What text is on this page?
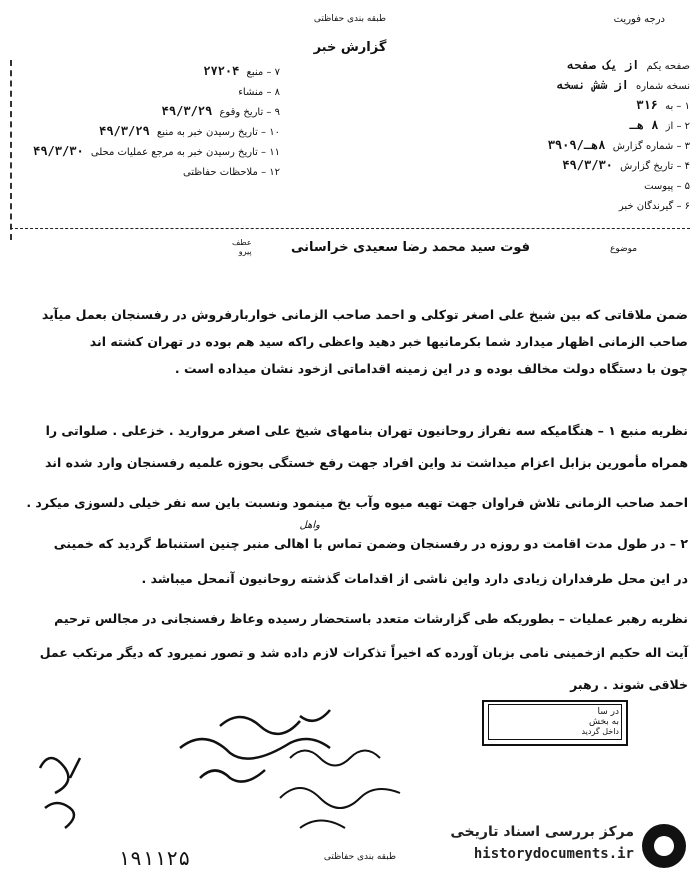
طبقه بندی حفاظتی
گزارش خبر
درجه فوریت
صفحه یکم از یک صفحه
نسخه شماره از شش نسخه
۱ – به ۳۱۶
۲ – از ۸ هـ
۳ – شماره گزارش ۸هـ/۳۹۰۹
۴ – تاریخ گزارش ۴۹/۳/۳۰
۵ – پیوست
۶ – گیرندگان خبر
۷ – منبع ۲۷۲۰۴
۸ – منشاء
۹ – تاریخ وقوع ۴۹/۳/۲۹
۱۰ – تاریخ رسیدن خبر به منبع ۴۹/۳/۲۹
۱۱ – تاریخ رسیدن خبر به مرجع عملیات محلی ۴۹/۳/۳۰
۱۲ – ملاحظات حفاظتی
موضوع
فوت سید محمد رضا سعیدی خراسانی
عطف
پیرو
ضمن ملاقاتی که بین شیخ علی اصغر توکلی و احمد صاحب الزمانی خواربارفروش در رفسنجان بعمل میآید
صاحب الزمانی اظهار میدارد شما بکرمانیها خبر دهید واعظی راکه سید هم بوده در تهران کشته اند
چون با دستگاه دولت مخالف بوده و در این زمینه اقداماتی ازخود نشان میداده است .
نظریه منبع ۱ – هنگامیکه سه نفراز روحانیون تهران بنامهای شیخ علی اصغر مروارید . خزعلی . صلواتی را
همراه مأمورین بزابل اعزام میداشت ند واین افراد جهت رفع خستگی بحوزه علمیه رفسنجان وارد شده اند
احمد صاحب الزمانی تلاش فراوان جهت تهیه میوه وآب یخ مینمود ونسبت باین سه نفر خیلی دلسوزی میکرد .
واهل
۲ – در طول مدت اقامت دو روزه در رفسنجان وضمن تماس با اهالی منبر چنین استنباط گردید که خمینی
در این محل طرفداران زیادی دارد واین ناشی از اقدامات گذشته روحانیون آنمحل میباشد .
نظریه رهبر عملیات – بطوریکه طی گزارشات متعدد باستحضار رسیده وعاظ رفسنجانی در مجالس ترحیم
آیت اله حکیم ازخمینی نامی بزبان آورده که اخیراً تذکرات لازم داده شد و تصور نمیرود که دیگر مرتکب عمل
خلاقی شوند . رهبر
در سا
به بخش
داخل گردید
۱۹۱۱۲۵	طبقه بندی حفاظتی
مرکز بررسی اسناد تاریخی
historydocuments.ir
